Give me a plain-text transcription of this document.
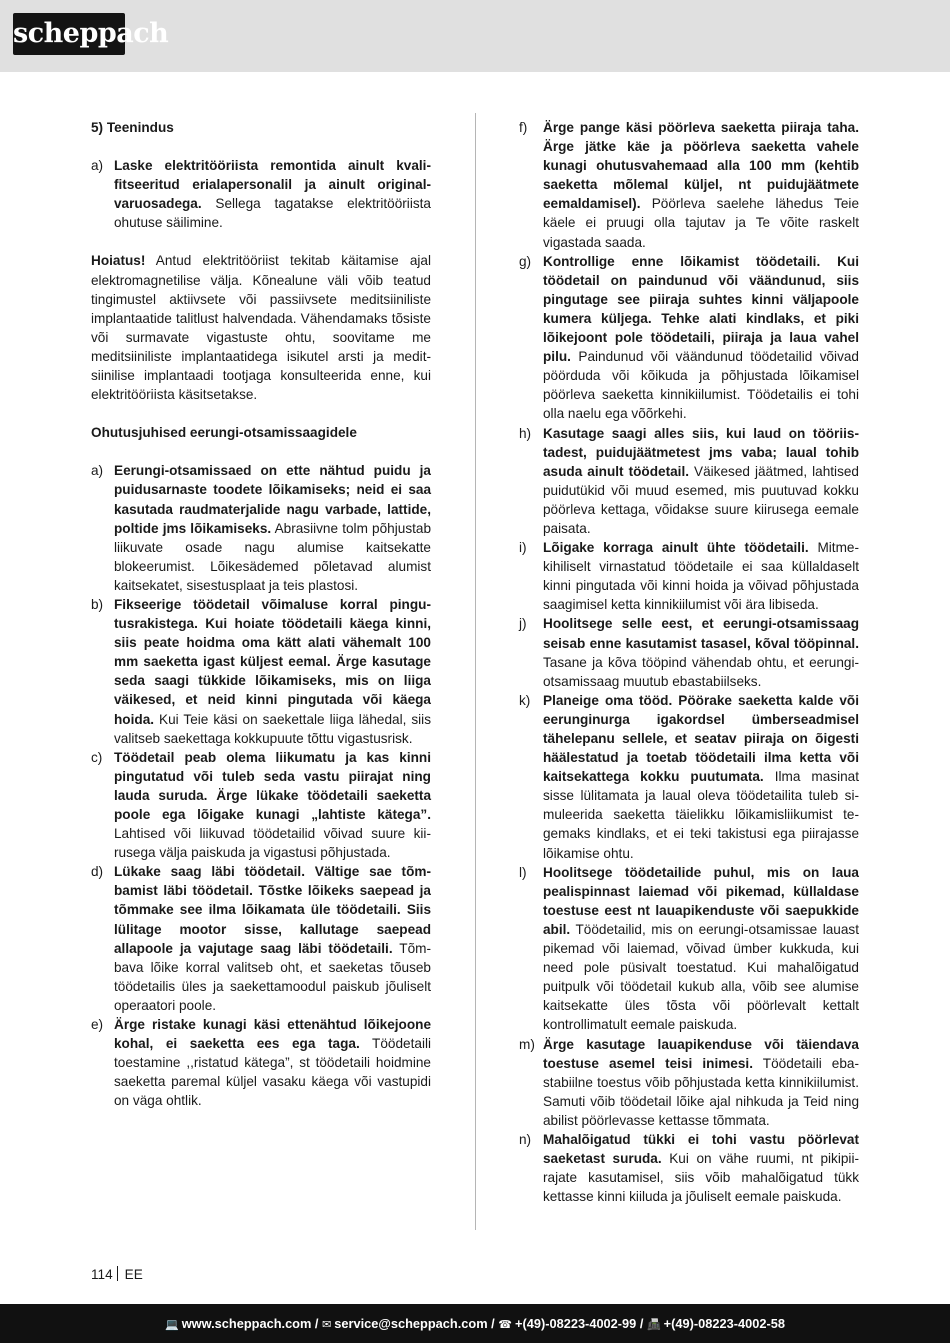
scheppach

5) Teenindus

a) Laske elektritööriista remontida ainult kvalifitseeritud erialapersonalil ja ainult originalvaruosadega. Sellega tagatakse elektritööriista ohutuse säilimine.

Hoiatus! Antud elektritööriist tekitab käitamise ajal elektromagnetilise välja. Kõnealune väli võib teatud tingimustel aktiivsete või passiivsete meditsiiniliste implantaatide talitlust halvendada. Vähendamaks tõsiste või surmavate vigastuste ohtu, soovitame me meditsiiniliste implantaatidega isikutel arsti ja meditsiinilise implantaadi tootjaga konsulteerida enne, kui elektritööriista käsitsetakse.

Ohutusjuhised eerungi-otsamissaagidele

a) Eerungi-otsamissaed on ette nähtud puidu ja puidusarnaste toodete lõikamiseks; neid ei saa kasutada raudmaterjalide nagu varbade, lattide, poltide jms lõikamiseks. Abrasiivne tolm põhjustab liikuvate osade nagu alumise kaitsekatte blokeerumist. Lõikesädemed põletavad alumist kaitsekatet, sisestusplaat ja teis plastosi.

b) Fikseerige töödetail võimaluse korral pingutusrakistega. Kui hoiate töödetaili käega kinni, siis peate hoidma oma kätt alati vähemalt 100 mm saeketta igast küljest eemal. Ärge kasutage seda saagi tükkide lõikamiseks, mis on liiga väikesed, et neid kinni pingutada või käega hoida. Kui Teie käsi on saekettale liiga lähedal, siis valitseb saekettaga kokkupuute tõttu vigastusrisk.

c) Töödetail peab olema liikumatu ja kas kinni pingutatud või tuleb seda vastu piirajat ning lauda suruda. Ärge lükake töödetaili saeketta poole ega lõigake kunagi „lahtiste kätega”. Lahtised või liikuvad töödetailid võivad suure kiirusega välja paiskuda ja vigastusi põhjustada.

d) Lükake saag läbi töödetail. Vältige sae tõmbamist läbi töödetail. Tõstke lõikeks saepead ja tõmmake see ilma lõikamata üle töödetaili. Siis lülitage mootor sisse, kallutage saepead allapoole ja vajutage saag läbi töödetaili. Tõmbava lõike korral valitseb oht, et saeketas tõuseb töödetailis üles ja saekettamoodul paiskub jõuliselt operaatori poole.

e) Ärge ristake kunagi käsi ettenähtud lõikejoone kohal, ei saeketta ees ega taga. Töödetaili toestamine ,,ristatud kätega”, st töödetaili hoidmine saeketta paremal küljel vasaku käega või vastupidi on väga ohtlik.

f) Ärge pange käsi pöörleva saeketta piiraja taha. Ärge jätke käe ja pöörleva saeketta vahele kunagi ohutusvahemaad alla 100 mm (kehtib saeketta mõlemal küljel, nt puidujäätmete eemaldamisel). Pöörleva saelehe lähedus Teie käele ei pruugi olla tajutav ja Te võite raskelt vigastada saada.

g) Kontrollige enne lõikamist töödetaili. Kui töödetail on paindunud või väändunud, siis pingutage see piiraja suhtes kinni väljapoole kumera küljega. Tehke alati kindlaks, et piki lõikejoont pole töödetaili, piiraja ja laua vahel pilu. Paindunud või väändunud töödetailid võivad pöörduda või kõikuda ja põhjustada lõikamisel pöörleva saeketta kinnikiilumist. Töödetailis ei tohi olla naelu ega võõrkehi.

h) Kasutage saagi alles siis, kui laud on tööriistadest, puidujäätmetest jms vaba; laual tohib asuda ainult töödetail. Väikesed jäätmed, lahtised puidutükid või muud esemed, mis puutuvad kokku pöörleva kettaga, võidakse suure kiirusega eemale paisata.

i) Lõigake korraga ainult ühte töödetaili. Mitmekihiliselt virnastatud töödetaile ei saa küllaldaselt kinni pingutada või kinni hoida ja võivad põhjustada saagimisel ketta kinnikiilumist või ära libiseda.

j) Hoolitsege selle eest, et eerungi-otsamissaag seisab enne kasutamist tasasel, kõval tööpinnal. Tasane ja kõva tööpind vähendab ohtu, et eerungi-otsamissaag muutub ebastabiilseks.

k) Planeige oma tööd. Pöörake saeketta kalde või eerunginurga igakordsel ümberseadmisel tähelepanu sellele, et seatav piiraja on õigesti häälestatud ja toetab töödetaili ilma ketta või kaitsekattega kokku puutumata. Ilma masinat sisse lülitamata ja laual oleva töödetailita tuleb simuleerida saeketta täielikku lõikamisliikumist tegemaks kindlaks, et ei teki takistusi ega piirajasse lõikamise ohtu.

l) Hoolitsege töödetailide puhul, mis on laua pealispinnast laiemad või pikemad, küllaldase toestuse eest nt lauapikenduste või saepukkide abil. Töödetailid, mis on eerungi-otsamissae lauast pikemad või laiemad, võivad ümber kukkuda, kui need pole püsivalt toestatud. Kui mahalõigatud puitpulk või töödetail kukub alla, võib see alumise kaitsekatte üles tõsta või pöörlevalt kettalt kontrollimatult eemale paiskuda.

m) Ärge kasutage lauapikenduse või täiendava toestuse asemel teisi inimesi. Töödetaili ebastabiilne toestus võib põhjustada ketta kinnikiilumist. Samuti võib töödetail lõike ajal nihkuda ja Teid ning abilist pöörlevasse kettasse tõmmata.

n) Mahalõigatud tükki ei tohi vastu pöörlevat saeketast suruda. Kui on vähe ruumi, nt pikipiirajate kasutamisel, siis võib mahalõigatud tükk kettasse kinni kiiluda ja jõuliselt eemale paiskuda.

114 EE
💻 www.scheppach.com / ✉ service@scheppach.com / ☎ +(49)-08223-4002-99 / 📠 +(49)-08223-4002-58
